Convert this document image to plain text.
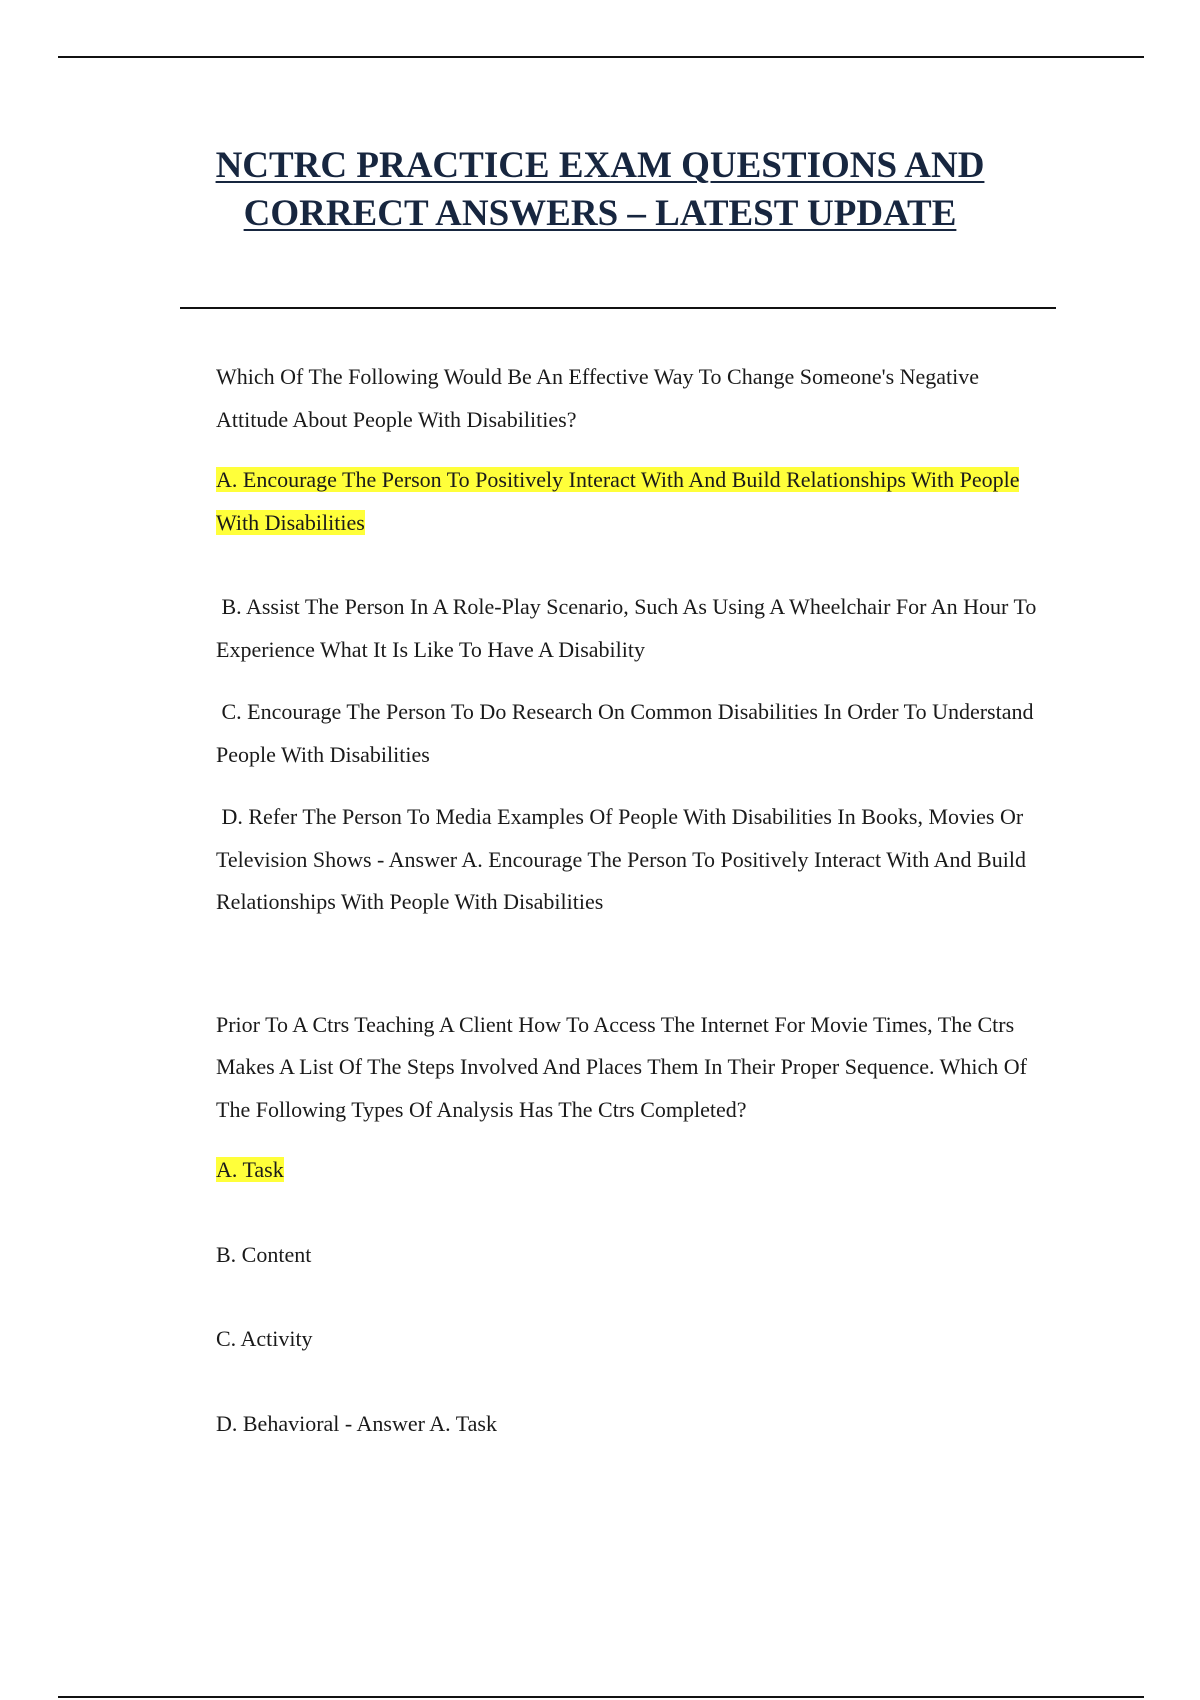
NCTRC PRACTICE EXAM QUESTIONS AND
CORRECT ANSWERS – LATEST UPDATE

Which Of The Following Would Be An Effective Way To Change Someone's Negative Attitude About People With Disabilities?

A. Encourage The Person To Positively Interact With And Build Relationships With People With Disabilities

B. Assist The Person In A Role-Play Scenario, Such As Using A Wheelchair For An Hour To Experience What It Is Like To Have A Disability

C. Encourage The Person To Do Research On Common Disabilities In Order To Understand People With Disabilities

D. Refer The Person To Media Examples Of People With Disabilities In Books, Movies Or Television Shows - Answer A. Encourage The Person To Positively Interact With And Build Relationships With People With Disabilities

Prior To A Ctrs Teaching A Client How To Access The Internet For Movie Times, The Ctrs Makes A List Of The Steps Involved And Places Them In Their Proper Sequence. Which Of The Following Types Of Analysis Has The Ctrs Completed?

A. Task

B. Content

C. Activity

D. Behavioral - Answer A. Task
